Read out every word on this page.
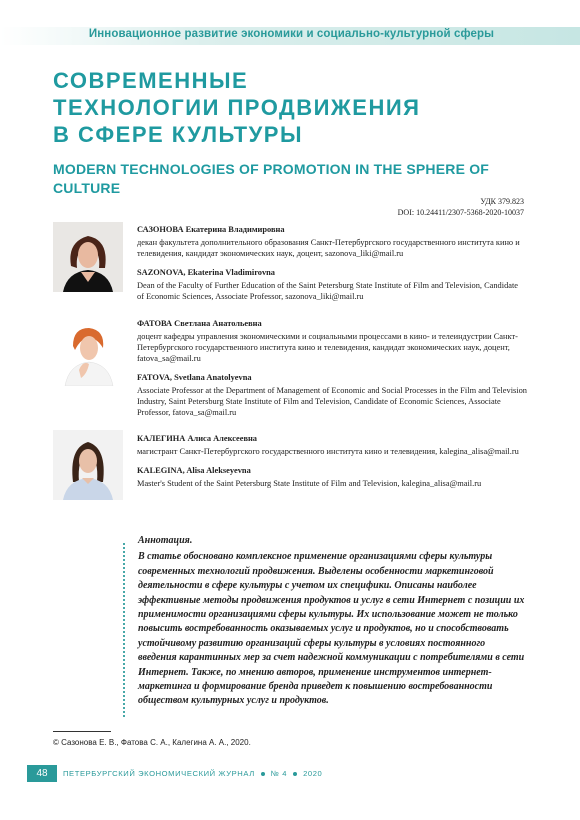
Инновационное развитие экономики и социально-культурной сферы
СОВРЕМЕННЫЕ
ТЕХНОЛОГИИ ПРОДВИЖЕНИЯ
В СФЕРЕ КУЛЬТУРЫ
MODERN TECHNOLOGIES OF PROMOTION IN THE SPHERE OF CULTURE
УДК 379.823
DOI: 10.24411/2307-5368-2020-10037
САЗОНОВА Екатерина Владимировна
декан факультета дополнительного образования Санкт-Петербургского государственного института кино и телевидения, кандидат экономических наук, доцент, sazonova_liki@mail.ru
SAZONOVA, Ekaterina Vladimirovna
Dean of the Faculty of Further Education of the Saint Petersburg State Institute of Film and Television, Candidate of Economic Sciences, Associate Professor, sazonova_liki@mail.ru
ФАТОВА Светлана Анатольевна
доцент кафедры управления экономическими и социальными процессами в кино- и телеиндустрии Санкт-Петербургского государственного института кино и телевидения, кандидат экономических наук, доцент, fatova_sa@mail.ru
FATOVA, Svetlana Anatolyevna
Associate Professor at the Department of Management of Economic and Social Processes in the Film and Television Industry, Saint Petersburg State Institute of Film and Television, Candidate of Economic Sciences, Associate Professor, fatova_sa@mail.ru
КАЛЕГИНА Алиса Алексеевна
магистрант Санкт-Петербургского государственного института кино и телевидения, kalegina_alisa@mail.ru
KALEGINA, Alisa Alekseyevna
Master's Student of the Saint Petersburg State Institute of Film and Television, kalegina_alisa@mail.ru
Аннотация.
В статье обосновано комплексное применение организациями сферы культуры современных технологий продвижения. Выделены особенности маркетинговой деятельности в сфере культуры с учетом их специфики. Описаны наиболее эффективные методы продвижения продуктов и услуг в сети Интернет с позиции их применимости организациями сферы культуры. Их использование может не только повысить востребованность оказываемых услуг и продуктов, но и способствовать устойчивому развитию организаций сферы культуры в условиях постоянного введения карантинных мер за счет надежной коммуникации с потребителями в сети Интернет. Также, по мнению авторов, применение инструментов интернет-маркетинга и формирование бренда приведет к повышению востребованности обществом культурных услуг и продуктов.
© Сазонова Е. В., Фатова С. А., Калегина А. А., 2020.
48	ПЕТЕРБУРГСКИЙ ЭКОНОМИЧЕСКИЙ ЖУРНАЛ № 4 2020
